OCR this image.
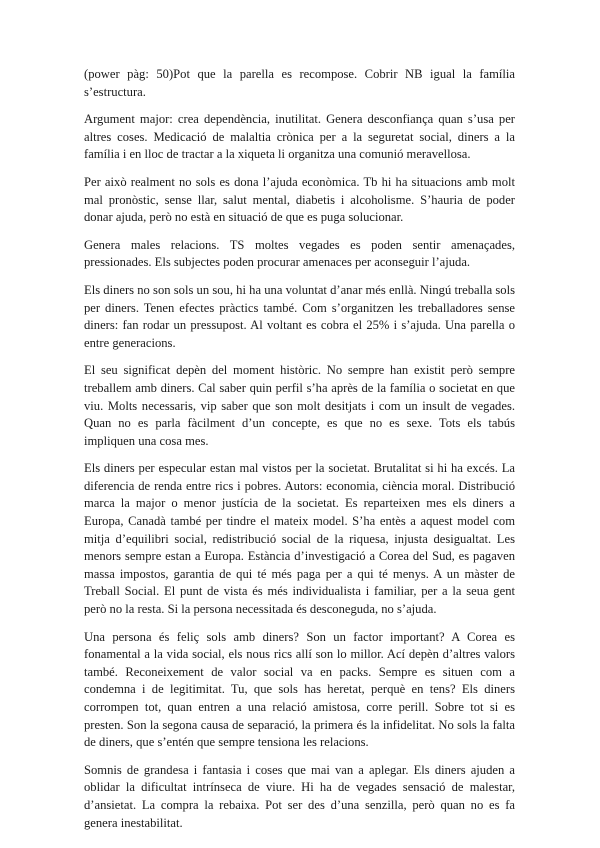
(power pàg: 50)Pot que la parella es recompose. Cobrir NB igual la família s’estructura.

Argument major: crea dependència, inutilitat. Genera desconfiança quan s’usa per altres coses. Medicació de malaltia crònica per a la seguretat social, diners a la família i en lloc de tractar a la xiqueta li organitza una comunió meravellosa.

Per això realment no sols es dona l’ajuda econòmica. Tb hi ha situacions amb molt mal pronòstic, sense llar, salut mental, diabetis i alcoholisme. S’hauria de poder donar ajuda, però no està en situació de que es puga solucionar.

Genera males relacions. TS moltes vegades es poden sentir amenaçades, pressionades. Els subjectes poden procurar amenaces per aconseguir l’ajuda.

Els diners no son sols un sou, hi ha una voluntat d’anar més enllà. Ningú treballa sols per diners. Tenen efectes pràctics també. Com s’organitzen les treballadores sense diners: fan rodar un pressupost. Al voltant es cobra el 25% i s’ajuda. Una parella o entre generacions.

El seu significat depèn del moment històric. No sempre han existit però sempre treballem amb diners. Cal saber quin perfil s’ha après de la família o societat en que viu. Molts necessaris, vip saber que son molt desitjats i com un insult de vegades. Quan no es parla fàcilment d’un concepte, es que no es sexe. Tots els tabús impliquen una cosa mes.

Els diners per especular estan mal vistos per la societat. Brutalitat si hi ha excés. La diferencia de renda entre rics i pobres. Autors: economia, ciència moral. Distribució marca la major o menor justícia de la societat. Es reparteixen mes els diners a Europa, Canadà també per tindre el mateix model. S’ha entès a aquest model com mitja d’equilibri social, redistribució social de la riquesa, injusta desigualtat. Les menors sempre estan a Europa. Estància d’investigació a Corea del Sud, es pagaven massa impostos, garantia de qui té més paga per a qui té menys. A un màster de Treball Social. El punt de vista és més individualista i familiar, per a la seua gent però no la resta. Si la persona necessitada és desconeguda, no s’ajuda.

Una persona és feliç sols amb diners? Son un factor important? A Corea es fonamental a la vida social, els nous rics allí son lo millor. Ací depèn d’altres valors també. Reconeixement de valor social va en packs. Sempre es situen com a condemna i de legitimitat. Tu, que sols has heretat, perquè en tens? Els diners corrompen tot, quan entren a una relació amistosa, corre perill. Sobre tot si es presten. Son la segona causa de separació, la primera és la infidelitat. No sols la falta de diners, que s’entén que sempre tensiona les relacions.

Somnis de grandesa i fantasia i coses que mai van a aplegar. Els diners ajuden a oblidar la dificultat intrínseca de viure. Hi ha de vegades sensació de malestar, d’ansietat. La compra la rebaixa. Pot ser des d’una senzilla, però quan no es fa genera inestabilitat.
